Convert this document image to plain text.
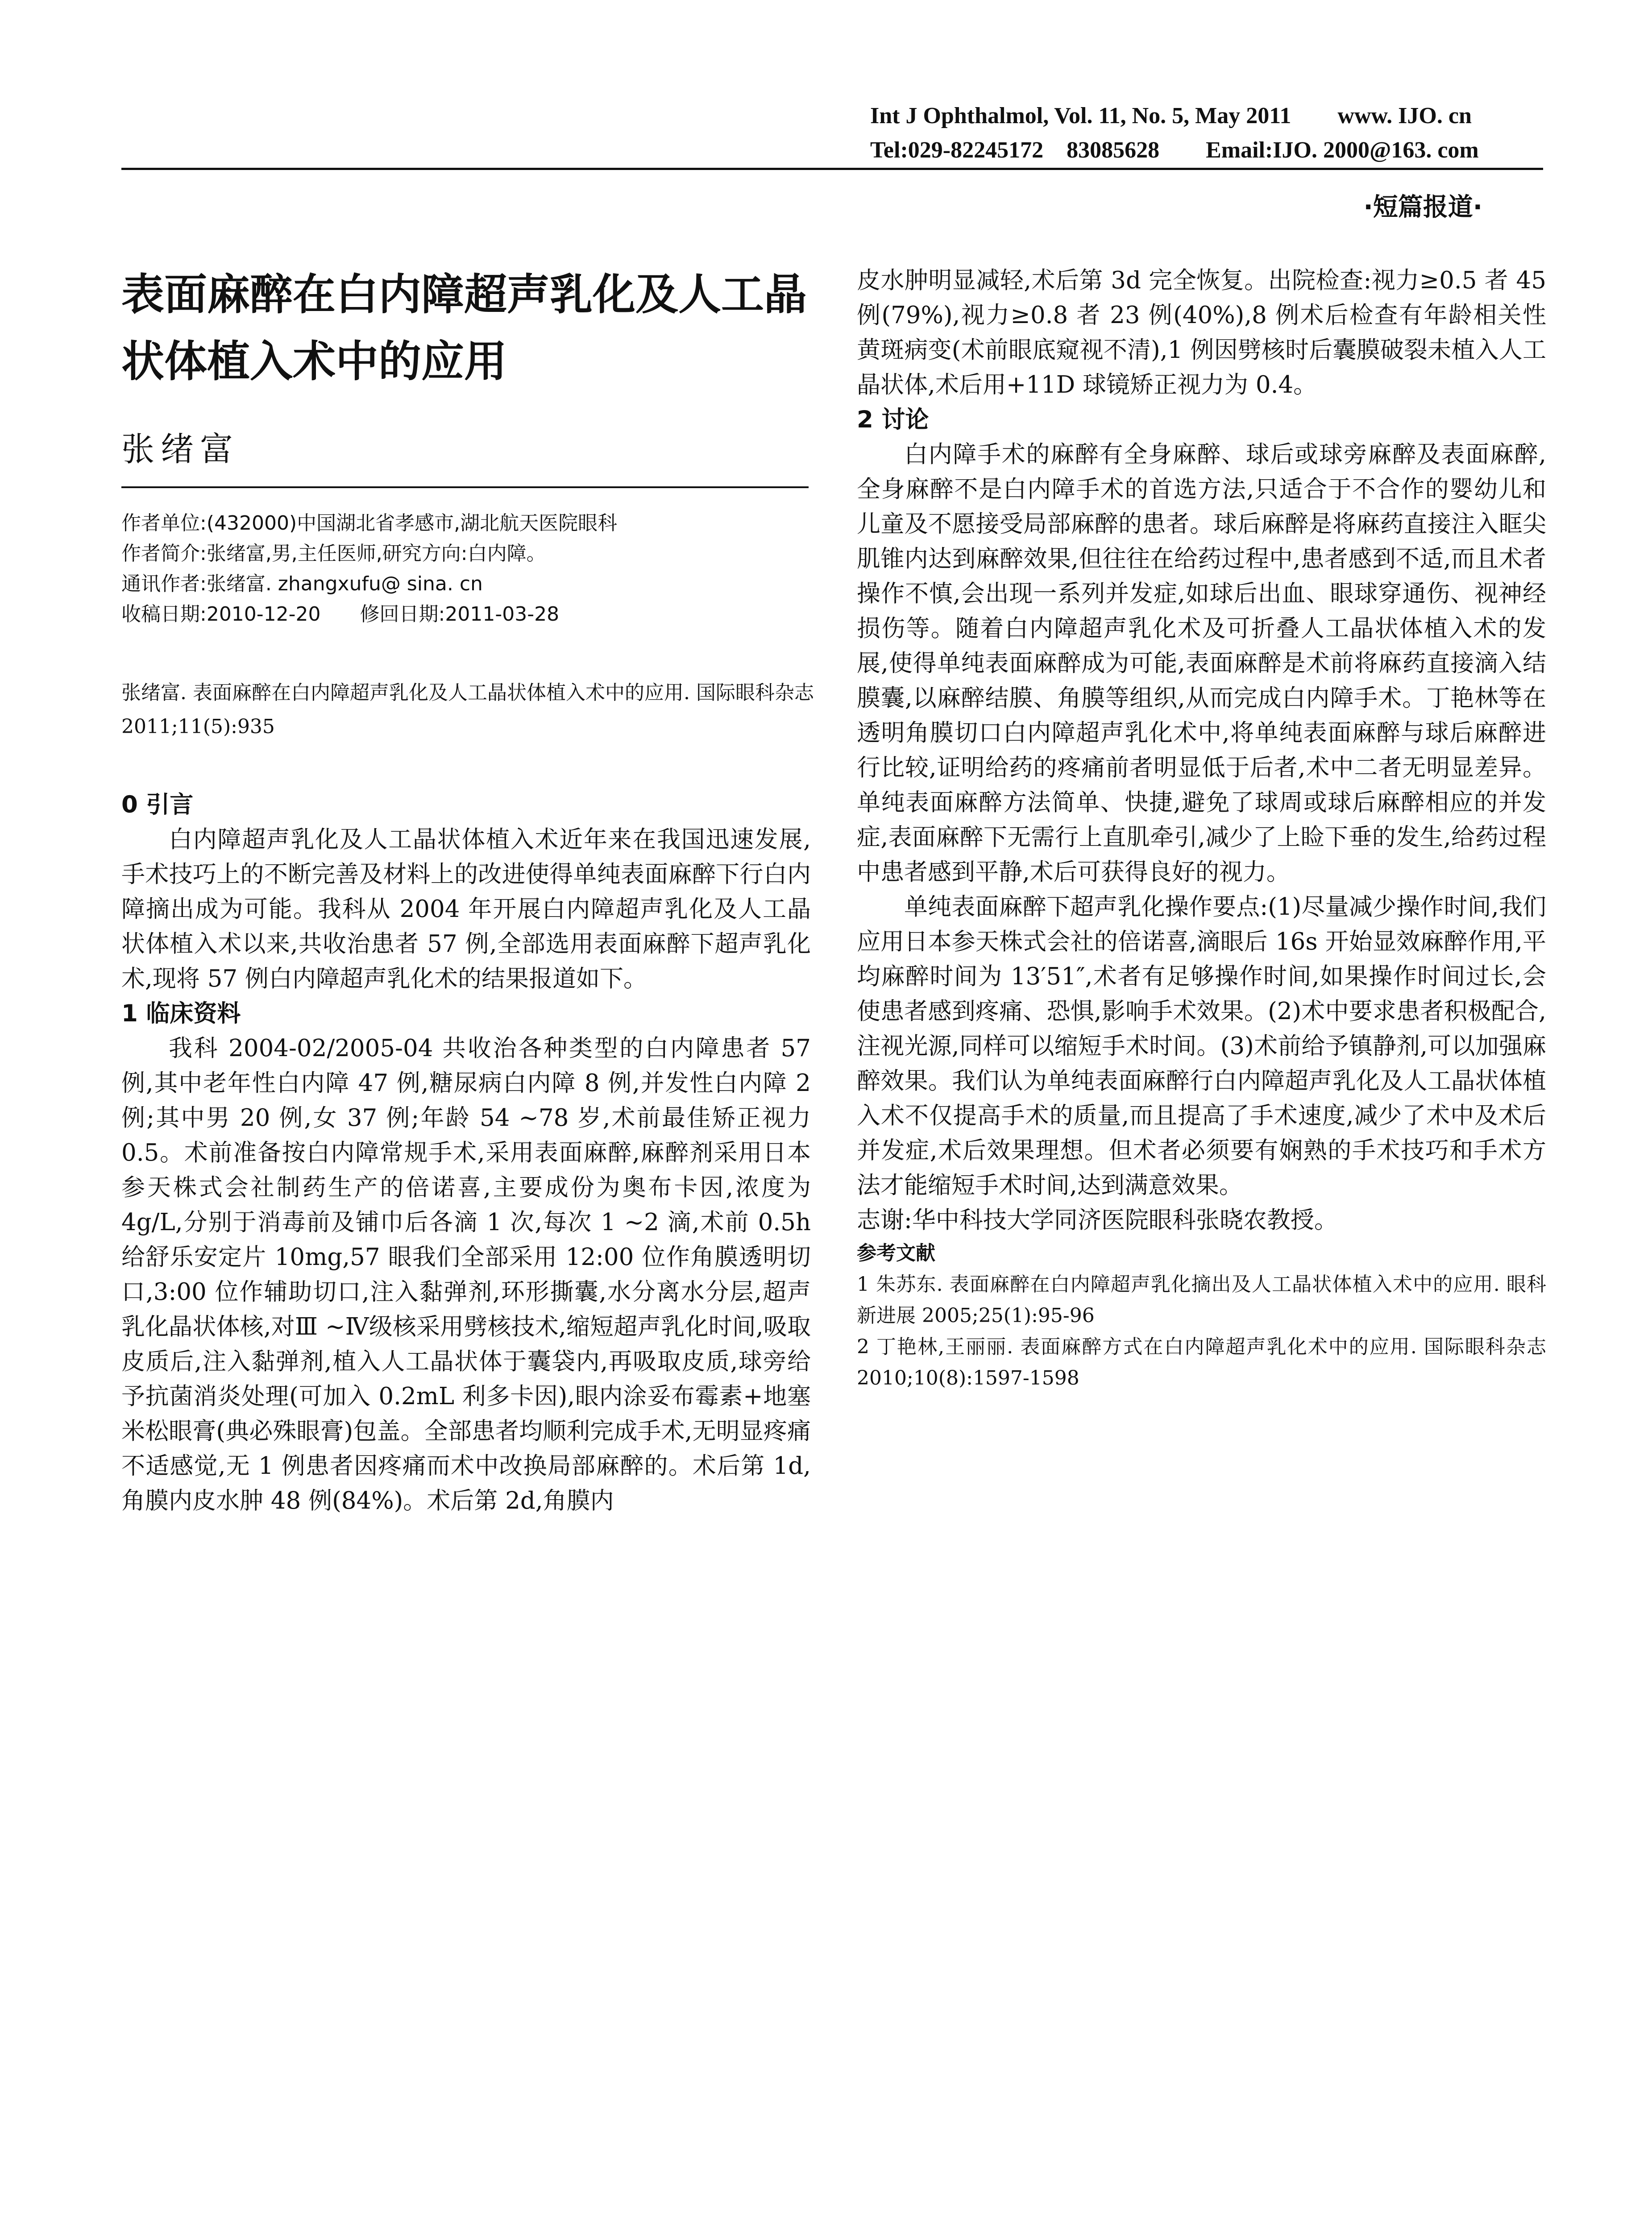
Int J Ophthalmol, Vol. 11, No. 5, May 2011　　www. IJO. cn
Tel:029-82245172　83085628　　Email:IJO. 2000@163. com
·短篇报道·
表面麻醉在白内障超声乳化及人工晶状体植入术中的应用
张绪富
作者单位:(432000)中国湖北省孝感市,湖北航天医院眼科
作者简介:张绪富,男,主任医师,研究方向:白内障。
通讯作者:张绪富. zhangxufu@ sina. cn
收稿日期:2010-12-20　　修回日期:2011-03-28
张绪富. 表面麻醉在白内障超声乳化及人工晶状体植入术中的应用. 国际眼科杂志 2011;11(5):935

0 引言

白内障超声乳化及人工晶状体植入术近年来在我国迅速发展,手术技巧上的不断完善及材料上的改进使得单纯表面麻醉下行白内障摘出成为可能。我科从 2004 年开展白内障超声乳化及人工晶状体植入术以来,共收治患者 57 例,全部选用表面麻醉下超声乳化术,现将 57 例白内障超声乳化术的结果报道如下。

1 临床资料

我科 2004-02/2005-04 共收治各种类型的白内障患者 57 例,其中老年性白内障 47 例,糖尿病白内障 8 例,并发性白内障 2 例;其中男 20 例,女 37 例;年龄 54 ~78 岁,术前最佳矫正视力 0.5。术前准备按白内障常规手术,采用表面麻醉,麻醉剂采用日本参天株式会社制药生产的倍诺喜,主要成份为奥布卡因,浓度为 4g/L,分别于消毒前及铺巾后各滴 1 次,每次 1 ~2 滴,术前 0.5h 给舒乐安定片 10mg,57 眼我们全部采用 12:00 位作角膜透明切口,3:00 位作辅助切口,注入黏弹剂,环形撕囊,水分离水分层,超声乳化晶状体核,对Ⅲ ~Ⅳ级核采用劈核技术,缩短超声乳化时间,吸取皮质后,注入黏弹剂,植入人工晶状体于囊袋内,再吸取皮质,球旁给予抗菌消炎处理(可加入 0.2mL 利多卡因),眼内涂妥布霉素+地塞米松眼膏(典必殊眼膏)包盖。全部患者均顺利完成手术,无明显疼痛不适感觉,无 1 例患者因疼痛而术中改换局部麻醉的。术后第 1d,角膜内皮水肿 48 例(84%)。术后第 2d,角膜内

皮水肿明显减轻,术后第 3d 完全恢复。出院检查:视力≥0.5 者 45 例(79%),视力≥0.8 者 23 例(40%),8 例术后检查有年龄相关性黄斑病变(术前眼底窥视不清),1 例因劈核时后囊膜破裂未植入人工晶状体,术后用+11D 球镜矫正视力为 0.4。

2 讨论

白内障手术的麻醉有全身麻醉、球后或球旁麻醉及表面麻醉,全身麻醉不是白内障手术的首选方法,只适合于不合作的婴幼儿和儿童及不愿接受局部麻醉的患者。球后麻醉是将麻药直接注入眶尖肌锥内达到麻醉效果,但往往在给药过程中,患者感到不适,而且术者操作不慎,会出现一系列并发症,如球后出血、眼球穿通伤、视神经损伤等。随着白内障超声乳化术及可折叠人工晶状体植入术的发展,使得单纯表面麻醉成为可能,表面麻醉是术前将麻药直接滴入结膜囊,以麻醉结膜、角膜等组织,从而完成白内障手术。丁艳林等在透明角膜切口白内障超声乳化术中,将单纯表面麻醉与球后麻醉进行比较,证明给药的疼痛前者明显低于后者,术中二者无明显差异。单纯表面麻醉方法简单、快捷,避免了球周或球后麻醉相应的并发症,表面麻醉下无需行上直肌牵引,减少了上睑下垂的发生,给药过程中患者感到平静,术后可获得良好的视力。

单纯表面麻醉下超声乳化操作要点:(1)尽量减少操作时间,我们应用日本参天株式会社的倍诺喜,滴眼后 16s 开始显效麻醉作用,平均麻醉时间为 13′51″,术者有足够操作时间,如果操作时间过长,会使患者感到疼痛、恐惧,影响手术效果。(2)术中要求患者积极配合,注视光源,同样可以缩短手术时间。(3)术前给予镇静剂,可以加强麻醉效果。我们认为单纯表面麻醉行白内障超声乳化及人工晶状体植入术不仅提高手术的质量,而且提高了手术速度,减少了术中及术后并发症,术后效果理想。但术者必须要有娴熟的手术技巧和手术方法才能缩短手术时间,达到满意效果。

志谢:华中科技大学同济医院眼科张晓农教授。

参考文献

1 朱苏东. 表面麻醉在白内障超声乳化摘出及人工晶状体植入术中的应用. 眼科新进展 2005;25(1):95-96

2 丁艳林,王丽丽. 表面麻醉方式在白内障超声乳化术中的应用. 国际眼科杂志 2010;10(8):1597-1598
